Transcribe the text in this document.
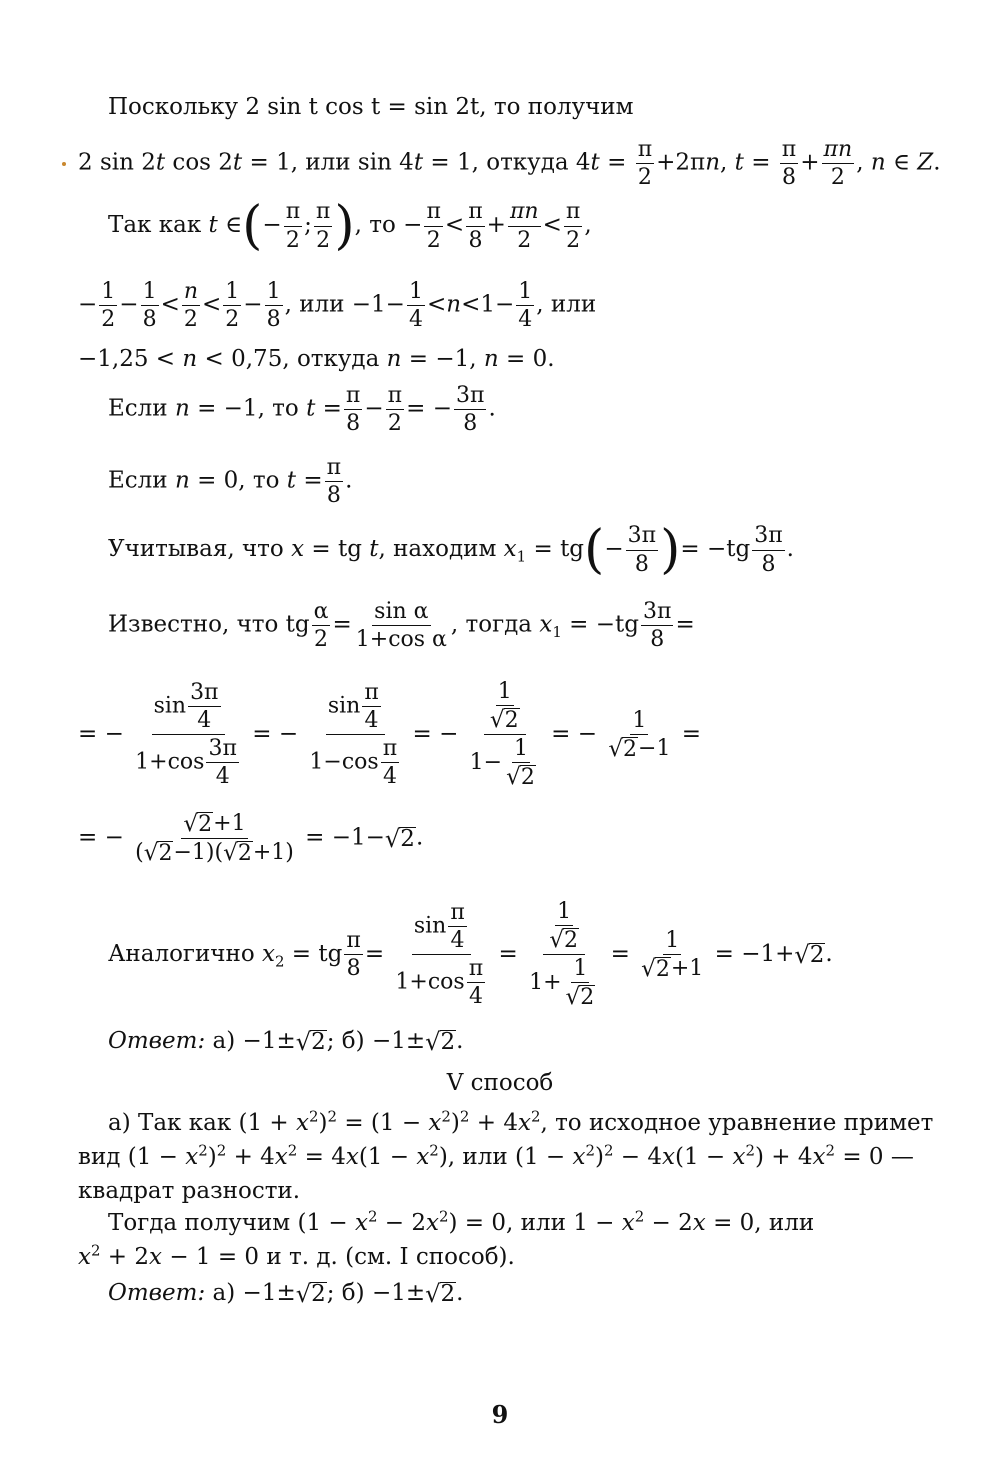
Поскольку 2 sin t cos t = sin 2t, то получим
2 sin 2t cos 2t = 1, или sin 4t = 1, откуда $4t = \frac{\pi}{2} +2\pi n$, $t = \frac{\pi}{8} + \frac{\pi n}{2}$ , n ∈ Z.
Так как t ∈(− $\frac{\pi}{2}$ ; $\frac{\pi}{2}$ ), то − $\frac{\pi}{2} < \frac{\pi}{8} + \frac{\pi n}{2} < \frac{\pi}{2}$ ,
− $\frac{1}{2} - \frac{1}{8} < \frac{n}{2} < \frac{1}{2} - \frac{1}{8}$ , или $-1- \frac{1}{4} <n<1- \frac{1}{4}$ , или
−1,25 < n < 0,75, откуда n = −1, n = 0.
Если n = −1, то $t = \frac{\pi}{8} - \frac{\pi}{2}$ = − $\frac{3\pi}{8}$ .
Если n = 0, то $t = \frac{\pi}{8}$ .
Учитывая, что x = tg t, находим $x_1 = tg(- \frac{3\pi}{8}$ )= $-tg \frac{3\pi}{8}$ .
Известно, что tg $\frac{\alpha}{2} = \frac{\text{sin α}}{\text{1+cos α}}$ , тогда $x_1 = -tg \frac{3\pi}{8}$ =
= − $\frac{\sin \frac{3\pi}{4}}{1+\cos \frac{3\pi}{4}}$ = − $\frac{\sin \frac{\pi}{4}}{1-\cos \frac{\pi}{4}}$ = − $\frac{\frac{1}{√ 2}}{1- \frac{1}{√ 2}}$ = − $\frac{1}{√ 2 -1}$ =
= − $\frac{√ 2 +1}{( √ 2 -1)( √ 2 +1)} = -1-$ √ 2 .
Аналогично $x_2$ = tg $\frac{\pi}{8} = \frac{\sin \frac{\pi}{4}}{1+\cos \frac{\pi}{4}} = \frac{\frac{1}{√ 2}}{1+ \frac{1}{√ 2}} = \frac{1}{√ 2 +1} = -1+$ √ 2 .
Ответ: а) −1± √ 2 ; б) −1± √ 2 .
V способ
а) Так как $(1 + x^2)^2 = (1 - x^2)^2 + 4x^2$, то исходное уравнение примет
вид $(1 - x^2)^2 + 4x^2 = 4x(1 - x^2)$, или $(1 - x^2)^2 - 4x(1 - x^2) + 4x^2 = 0$ —
квадрат разности.
Тогда получим $(1 - x^2 - 2x^2) = 0$, или $1 - x^2 - 2x = 0$, или
$x^2 + 2x - 1 = 0$ и т. д. (см. I способ).
Ответ: а) −1± √ 2 ; б) −1± √ 2 .
9
